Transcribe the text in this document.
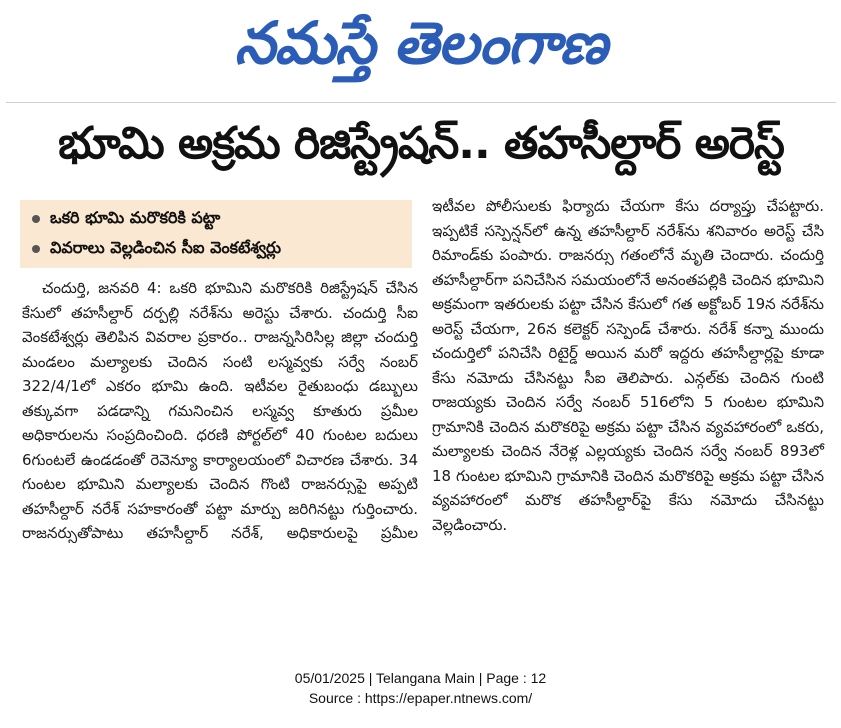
నమస్తే తెలంగాణ
భూమి అక్రమ రిజిస్ట్రేషన్.. తహసీల్దార్ అరెస్ట్
ఒకరి భూమి మరొకరికి పట్టా
వివరాలు వెల్లడించిన సీఐ వెంకటేశ్వర్లు

చందుర్తి, జనవరి 4: ఒకరి భూమిని మరొకరికి రిజిస్ట్రేషన్ చేసిన కేసులో తహసీల్దార్ దర్పల్లి నరేశ్‌ను అరెస్టు చేశారు. చందుర్తి సీఐ వెంకటేశ్వర్లు తెలిపిన వివరాల ప్రకారం.. రాజన్నసిరిసిల్ల జిల్లా చందుర్తి మండలం మల్యాలకు చెందిన సంటి లస్మవ్వకు సర్వే నంబర్ 322/4/1లో ఎకరం భూమి ఉంది. ఇటీవల రైతుబంధు డబ్బులు తక్కువగా పడడాన్ని గమనించిన లస్మవ్వ కూతురు ప్రమీల అధికారులను సంప్రదించింది. ధరణి పోర్టల్‌లో 40 గుంటల బదులు 6గుంటలే ఉండడంతో రెవెన్యూ కార్యాలయంలో విచారణ చేశారు. 34 గుంటల భూమిని మల్యాలకు చెందిన గొంటి రాజనర్సుపై అప్పటి తహసీల్దార్ నరేశ్ సహకారంతో పట్టా మార్పు జరిగినట్టు గుర్తించారు. రాజనర్సుతోపాటు తహసీల్దార్ నరేశ్, అధికారులపై ప్రమీల

ఇటీవల పోలీసులకు ఫిర్యాదు చేయగా కేసు దర్యాప్తు చేపట్టారు. ఇప్పటికే సస్పెన్షన్‌లో ఉన్న తహసీల్దార్ నరేశ్‌ను శనివారం అరెస్ట్ చేసి రిమాండ్‌కు పంపారు. రాజనర్సు గతంలోనే మృతి చెందారు. చందుర్తి తహసీల్దార్‌గా పనిచేసిన సమయంలోనే అనంతపల్లికి చెందిన భూమిని అక్రమంగా ఇతరులకు పట్టా చేసిన కేసులో గత అక్టోబర్ 19న నరేశ్‌ను అరెస్ట్ చేయగా, 26న కలెక్టర్ సస్పెండ్ చేశారు. నరేశ్ కన్నా ముందు చందుర్తిలో పనిచేసి రిటైర్డ్ అయిన మరో ఇద్దరు తహసీల్దార్లపై కూడా కేసు నమోదు చేసినట్టు సీఐ తెలిపారు. ఎన్గల్‌కు చెందిన గుంటి రాజయ్యకు చెందిన సర్వే నంబర్ 516లోని 5 గుంటల భూమిని గ్రామానికి చెందిన మరొకరిపై అక్రమ పట్టా చేసిన వ్యవహారంలో ఒకరు, మల్యాలకు చెందిన నేరెళ్ల ఎల్లయ్యకు చెందిన సర్వే నంబర్ 893లో 18 గుంటల భూమిని గ్రామానికి చెందిన మరొకరిపై అక్రమ పట్టా చేసిన వ్యవహారంలో మరొక తహసీల్దార్‌పై కేసు నమోదు చేసినట్టు వెల్లడించారు.

05/01/2025 | Telangana Main | Page : 12
Source : https://epaper.ntnews.com/
